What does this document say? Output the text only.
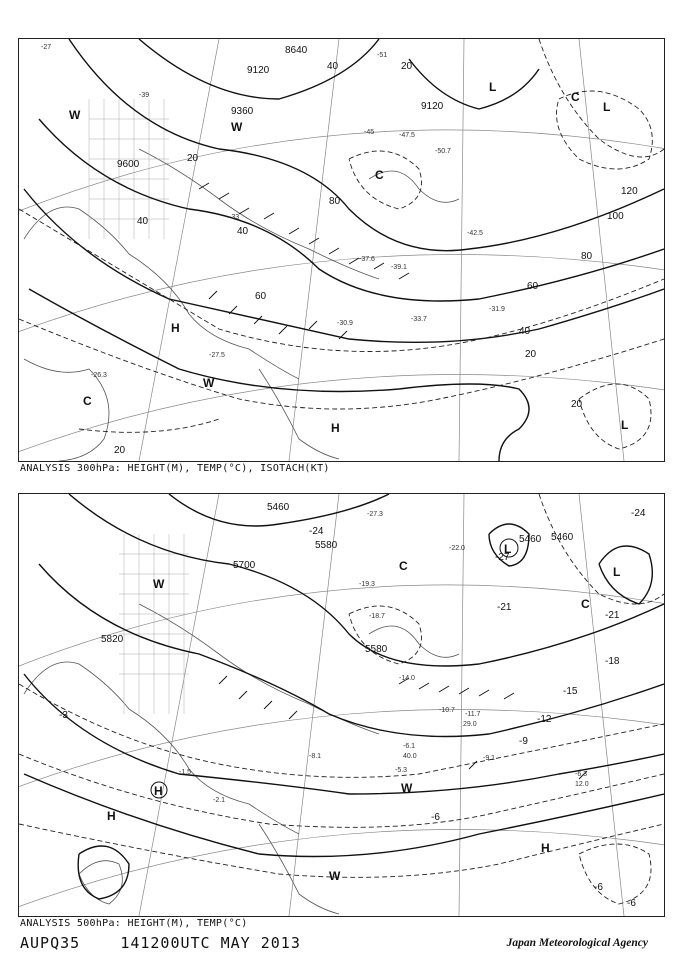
8640
9120
9120
9360
9600
20
40
60
80
100
120
40
20
20
20
40
60
80
20
40
-27
-39
-45
-51
-33
-31.9
-33.7
-30.9
-27.5
-26.3
-42.5
-47.5
-50.7
-39.1
-37.6
W
W
C
H
H
C
L
C
L
L
W
ANALYSIS 300hPa: HEIGHT(M), TEMP(°C), ISOTACH(KT)
5460
5580
5700
5820
5460 5460
5580
-24
-27
-21
-18
-15
-12
-9
-6
-3
-6
-21
-24
-6
-27.3
-22.0
-19.3
-18.7
-14.0
-10.7
-8.1
-6.1
-5.3
-2.1
-1.5
-11.7
-9.1
-6.3
12.0
29.0
40.0
W
L
L
C
C
H
H
H
W
W
ANALYSIS 500hPa: HEIGHT(M), TEMP(°C)
AUPQ35	141200UTC MAY 2013	Japan Meteorological Agency
